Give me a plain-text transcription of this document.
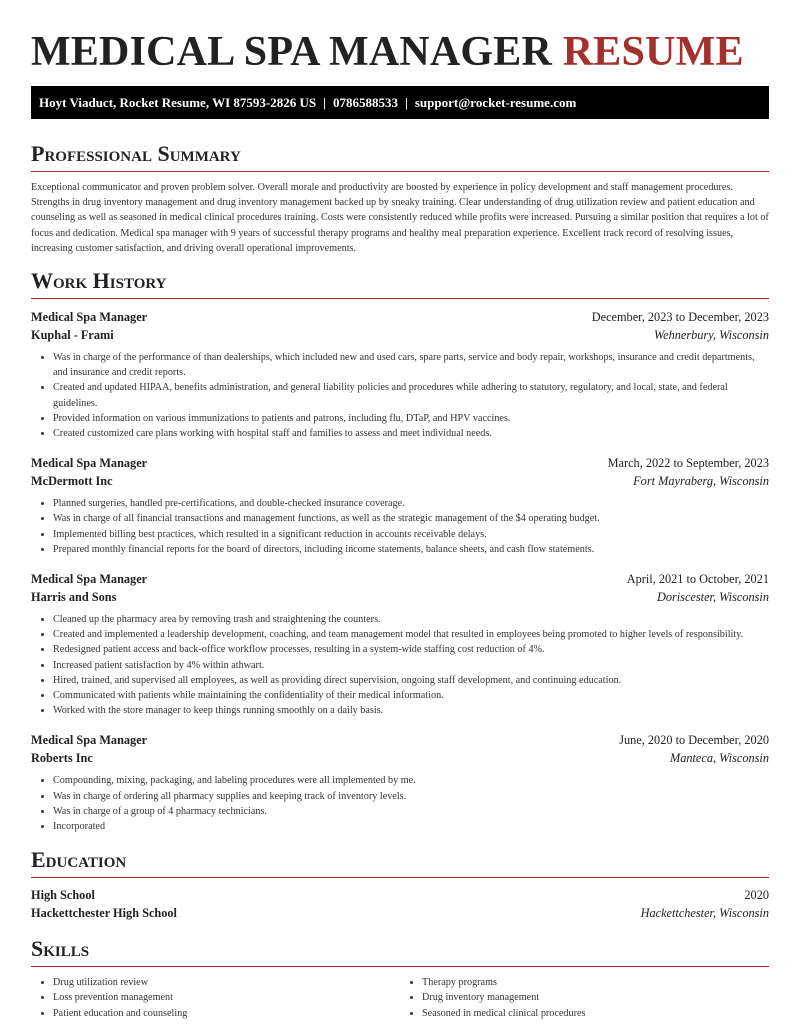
MEDICAL SPA MANAGER RESUME
Hoyt Viaduct, Rocket Resume, WI 87593-2826 US | 0786588533 | support@rocket-resume.com
Professional Summary

Exceptional communicator and proven problem solver. Overall morale and productivity are boosted by experience in policy development and staff management procedures. Strengths in drug inventory management and drug inventory management backed up by sneaky training. Clear understanding of drug utilization review and patient education and counseling as well as seasoned in medical clinical procedures training. Costs were consistently reduced while profits were increased. Pursuing a similar position that requires a lot of focus and dedication. Medical spa manager with 9 years of successful therapy programs and healthy meal preparation experience. Excellent track record of resolving issues, increasing customer satisfaction, and driving overall operational improvements.

Work History
Medical Spa Manager	December, 2023 to December, 2023
Kuphal - Frami	Wehnerbury, Wisconsin
• Was in charge of the performance of than dealerships, which included new and used cars, spare parts, service and body repair, workshops, insurance and credit departments, and insurance and credit reports.
• Created and updated HIPAA, benefits administration, and general liability policies and procedures while adhering to statutory, regulatory, and local, state, and federal guidelines.
• Provided information on various immunizations to patients and patrons, including flu, DTaP, and HPV vaccines.
• Created customized care plans working with hospital staff and families to assess and meet individual needs.
Medical Spa Manager	March, 2022 to September, 2023
McDermott Inc	Fort Mayraberg, Wisconsin
• Planned surgeries, handled pre-certifications, and double-checked insurance coverage.
• Was in charge of all financial transactions and management functions, as well as the strategic management of the $4 operating budget.
• Implemented billing best practices, which resulted in a significant reduction in accounts receivable delays.
• Prepared monthly financial reports for the board of directors, including income statements, balance sheets, and cash flow statements.
Medical Spa Manager	April, 2021 to October, 2021
Harris and Sons	Doriscester, Wisconsin
• Cleaned up the pharmacy area by removing trash and straightening the counters.
• Created and implemented a leadership development, coaching, and team management model that resulted in employees being promoted to higher levels of responsibility.
• Redesigned patient access and back-office workflow processes, resulting in a system-wide staffing cost reduction of 4%.
• Increased patient satisfaction by 4% within athwart.
• Hired, trained, and supervised all employees, as well as providing direct supervision, ongoing staff development, and continuing education.
• Communicated with patients while maintaining the confidentiality of their medical information.
• Worked with the store manager to keep things running smoothly on a daily basis.
Medical Spa Manager	June, 2020 to December, 2020
Roberts Inc	Manteca, Wisconsin
• Compounding, mixing, packaging, and labeling procedures were all implemented by me.
• Was in charge of ordering all pharmacy supplies and keeping track of inventory levels.
• Was in charge of a group of 4 pharmacy technicians.
• Incorporated
Education
High School	2020
Hackettchester High School	Hackettchester, Wisconsin
Skills
• Drug utilization review
• Loss prevention management
• Patient education and counseling
• Therapy programs
• Drug inventory management
• Seasoned in medical clinical procedures
